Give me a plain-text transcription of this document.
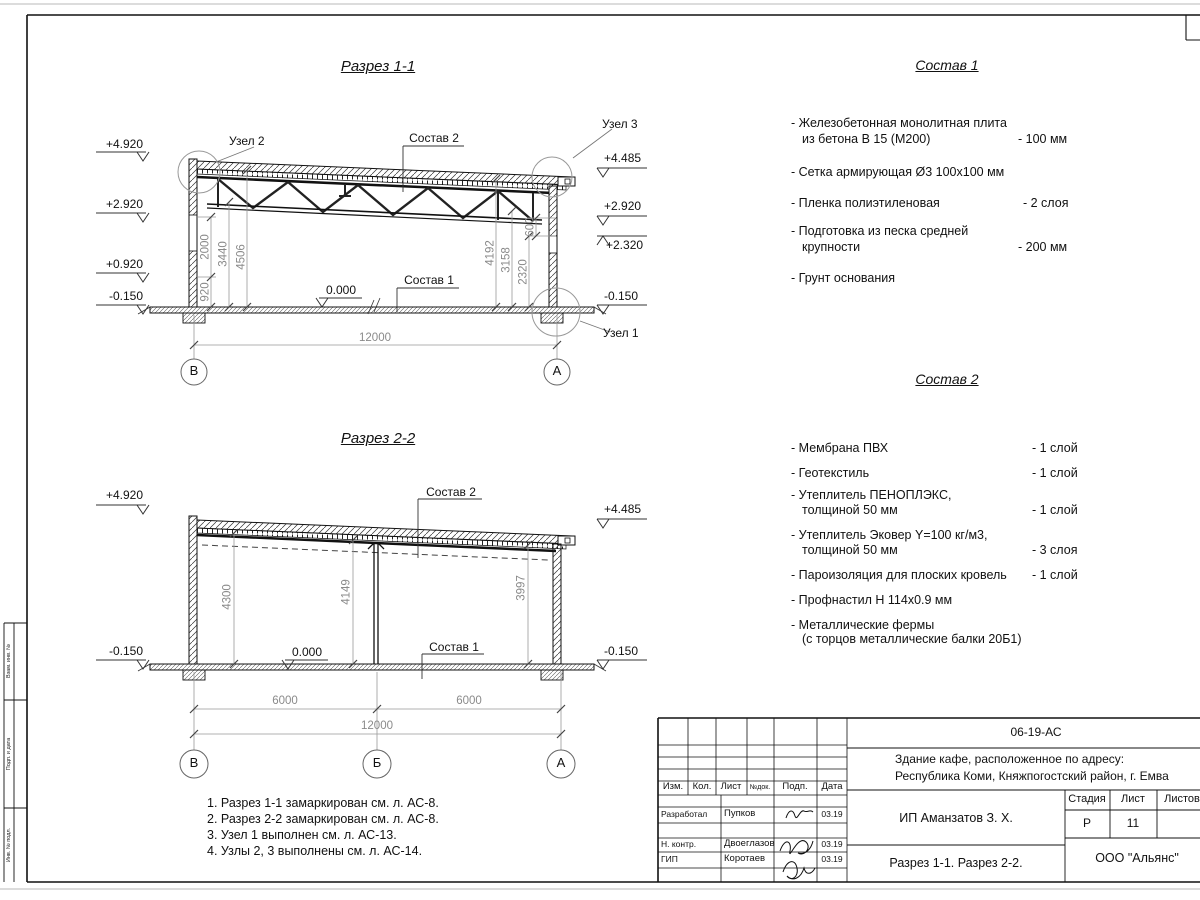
Разрез 1-1
+4.920
+2.920
+0.920
-0.150
+4.485
+2.920
+2.320
-0.150
Узел 2
Узел 3
Узел 1
Состав 2
Состав 1
0.000
920
2000 3440 4506
600
2320
3158
4192
12000
В	А
Разрез 2-2
+4.920
-0.150
+4.485
-0.150
Состав 2
Состав 1
0.000
4300	4149	3997
6000	6000
12000
В	Б	А
Состав 1
- Железобетонная монолитная плита
из бетона В 15 (М200)	- 100 мм
- Сетка армирующая Ø3 100x100 мм
- Пленка полиэтиленовая	- 2 слоя
- Подготовка из песка средней
крупности	- 200 мм
- Грунт основания
Состав 2
- Мембрана ПВХ	- 1 слой
- Геотекстиль	- 1 слой
- Утеплитель ПЕНОПЛЭКС,
толщиной 50 мм	- 1 слой
- Утеплитель Эковер Y=100 кг/м3,
толщиной 50 мм	- 3 слоя
- Пароизоляция для плоских кровель - 1 слой
- Профнастил Н 114x0.9 мм
- Металлические фермы
(с торцов металлические балки 20Б1)
1. Разрез 1-1 замаркирован см. л. АС-8.
2. Разрез 2-2 замаркирован см. л. АС-8.
3. Узел 1 выполнен см. л. АС-13.
4. Узлы 2, 3 выполнены см. л. АС-14.
06-19-АС
Здание кафе, расположенное по адресу:
Республика Коми, Княжпогостский район, г. Емва
Изм. Кол. Лист №док. Подп. Дата
Разработал Пупков	03.19
Н. контр.	Двоеглазов	03.19
ГИП	Коротаев	03.19
ИП Аманзатов З. Х.
Стадия Лист Листов
Р	11
Разрез 1-1. Разрез 2-2.	ООО "Альянс"
Взам. инв. №
Подп. и дата
Инв. № подл.
